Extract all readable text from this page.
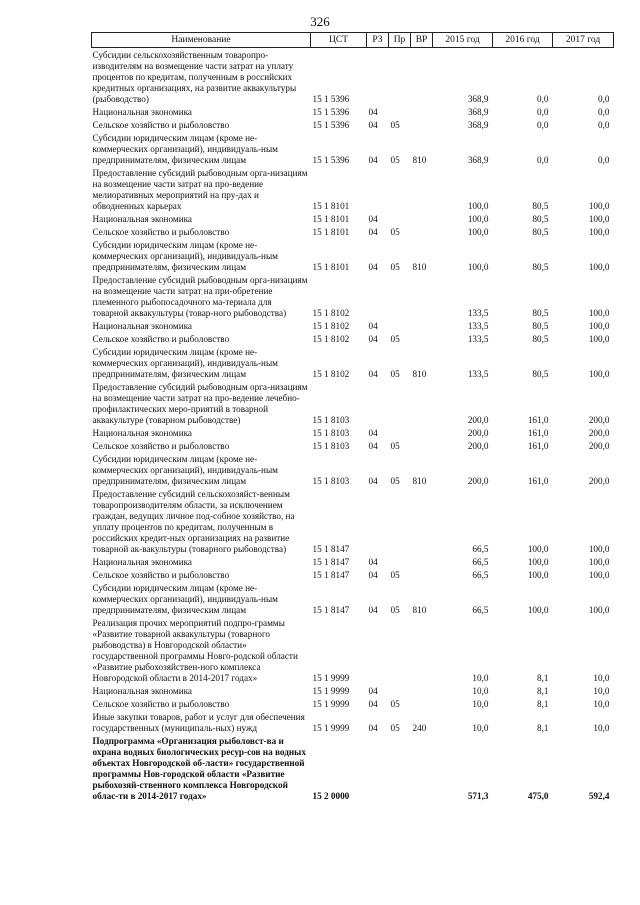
326
Наименование	ЦСТ	РЗ	Пр	ВР	2015 год	2016 год	2017 год
Субсидии сельскохозяйственным товаропро-изводителям на возмещение части затрат на уплату процентов по кредитам, полученным в российских кредитных организациях, на развитие аквакультуры (рыбоводство)	15 1 5396				368,9	0,0	0,0
Национальная экономика	15 1 5396	04			368,9	0,0	0,0
Сельское хозяйство и рыболовство	15 1 5396	04	05		368,9	0,0	0,0
Субсидии юридическим лицам (кроме не-коммерческих организаций), индивидуаль-ным предпринимателям, физическим лицам	15 1 5396	04	05	810	368,9	0,0	0,0
Предоставление субсидий рыбоводным орга-низациям на возмещение части затрат на про-ведение мелиоративных мероприятий на пру-дах и обводненных карьерах	15 1 8101				100,0	80,5	100,0
Национальная экономика	15 1 8101	04			100,0	80,5	100,0
Сельское хозяйство и рыболовство	15 1 8101	04	05		100,0	80,5	100,0
Субсидии юридическим лицам (кроме не-коммерческих организаций), индивидуаль-ным предпринимателям, физическим лицам	15 1 8101	04	05	810	100,0	80,5	100,0
Предоставление субсидий рыбоводным орга-низациям на возмещение части затрат на при-обретение племенного рыбопосадочного ма-териала для товарной аквакультуры (товар-ного рыбоводства)	15 1 8102				133,5	80,5	100,0
Национальная экономика	15 1 8102	04			133,5	80,5	100,0
Сельское хозяйство и рыболовство	15 1 8102	04	05		133,5	80,5	100,0
Субсидии юридическим лицам (кроме не-коммерческих организаций), индивидуаль-ным предпринимателям, физическим лицам	15 1 8102	04	05	810	133,5	80,5	100,0
Предоставление субсидий рыбоводным орга-низациям на возмещение части затрат на про-ведение лечебно-профилактических меро-приятий в товарной аквакультуре (товарном рыбоводстве)	15 1 8103				200,0	161,0	200,0
Национальная экономика	15 1 8103	04			200,0	161,0	200,0
Сельское хозяйство и рыболовство	15 1 8103	04	05		200,0	161,0	200,0
Субсидии юридическим лицам (кроме не-коммерческих организаций), индивидуаль-ным предпринимателям, физическим лицам	15 1 8103	04	05	810	200,0	161,0	200,0
Предоставление субсидий сельскохозяйст-венным товаропроизводителям области, за исключением граждан, ведущих личное под-собное хозяйство, на уплату процентов по кредитам, полученным в российских кредит-ных организациях на развитие товарной ак-вакультуры (товарного рыбоводства)	15 1 8147				66,5	100,0	100,0
Национальная экономика	15 1 8147	04			66,5	100,0	100,0
Сельское хозяйство и рыболовство	15 1 8147	04	05		66,5	100,0	100,0
Субсидии юридическим лицам (кроме не-коммерческих организаций), индивидуаль-ным предпринимателям, физическим лицам	15 1 8147	04	05	810	66,5	100,0	100,0
Реализация прочих мероприятий подпро-граммы «Развитие товарной аквакультуры (товарного рыбоводства) в Новгородской области» государственной программы Новго-родской области «Развитие рыбохозяйствен-ного комплекса Новгородской области в 2014-2017 годах»	15 1 9999				10,0	8,1	10,0
Национальная экономика	15 1 9999	04			10,0	8,1	10,0
Сельское хозяйство и рыболовство	15 1 9999	04	05		10,0	8,1	10,0
Иные закупки товаров, работ и услуг для обеспечения государственных (муниципаль-ных) нужд	15 1 9999	04	05	240	10,0	8,1	10,0
Подпрограмма «Организация рыболовст-ва и охрана водных биологических ресур-сов на водных объектах Новгородской об-ласти» государственной программы Нов-городской области «Развитие рыбохозяй-ственного комплекса Новгородской облас-ти в 2014-2017 годах»	15 2 0000				571,3	475,0	592,4
